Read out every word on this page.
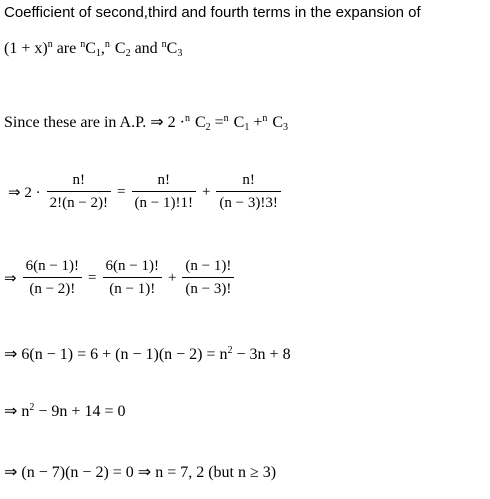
Coefficient of second,third and fourth terms in the expansion of
$(1 + x)^n$ are $^nC_1,^n$ $C_2$ and $^nC_3$
Since these are in A.P. ⇒ 2 ·$^n$ $C_2 =^n$ $C_1 +^n$ $C_3$
⇒ $2 \cdot \frac{n!}{2!(n - 2)!} = \frac{n!}{(n - 1)!1!} + \frac{n!}{(n - 3)!3!}$
⇒ $\frac{6(n - 1)!}{(n - 2)!} = \frac{6(n - 1)!}{(n - 1)!} + \frac{(n - 1)!}{(n - 3)!}$
⇒ $6(n - 1) = 6 + (n - 1)(n - 2) = n^2 - 3n + 8$
⇒ $n^2 - 9n + 14 = 0$
⇒ (n − 7)(n − 2) = 0 ⇒ n = 7, 2 (but n ≥ 3)
